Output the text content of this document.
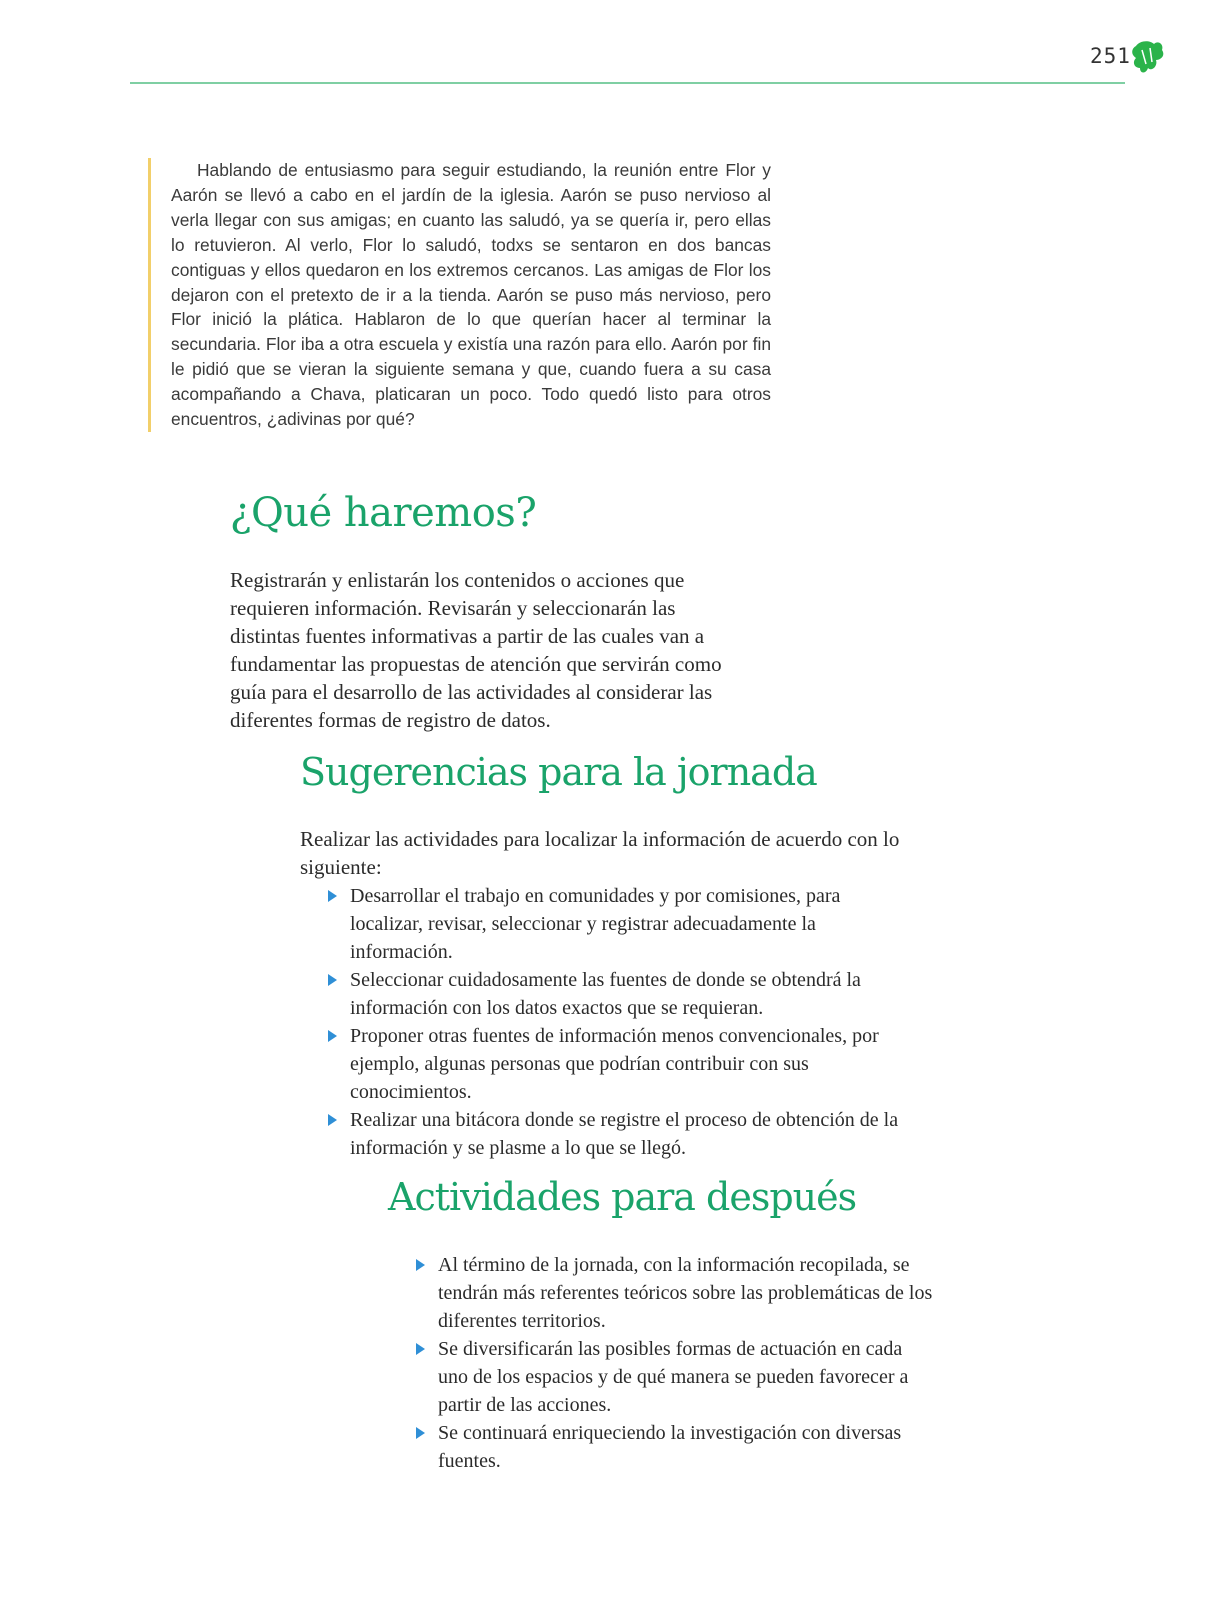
251
Hablando de entusiasmo para seguir estudiando, la reunión entre Flor y Aarón se llevó a cabo en el jardín de la iglesia. Aarón se puso nervioso al verla llegar con sus amigas; en cuanto las saludó, ya se quería ir, pero ellas lo retuvieron. Al verlo, Flor lo saludó, todxs se sentaron en dos bancas contiguas y ellos quedaron en los extremos cercanos. Las amigas de Flor los dejaron con el pretexto de ir a la tienda. Aarón se puso más nervioso, pero Flor inició la plática. Hablaron de lo que querían hacer al terminar la secundaria. Flor iba a otra escuela y existía una razón para ello. Aarón por fin le pidió que se vieran la siguiente semana y que, cuando fuera a su casa acompañando a Chava, platicaran un poco. Todo quedó listo para otros encuentros, ¿adivinas por qué?
¿Qué haremos?

Registrarán y enlistarán los contenidos o acciones que requieren información. Revisarán y seleccionarán las distintas fuentes informativas a partir de las cuales van a fundamentar las propuestas de atención que servirán como guía para el desarrollo de las actividades al considerar las diferentes formas de registro de datos.

Sugerencias para la jornada

Realizar las actividades para localizar la información de acuerdo con lo siguiente:

Desarrollar el trabajo en comunidades y por comisiones, para localizar, revisar, seleccionar y registrar adecuadamente la información.
Seleccionar cuidadosamente las fuentes de donde se obtendrá la información con los datos exactos que se requieran.
Proponer otras fuentes de información menos convencionales, por ejemplo, algunas personas que podrían contribuir con sus conocimientos.
Realizar una bitácora donde se registre el proceso de obtención de la información y se plasme a lo que se llegó.
Actividades para después
Al término de la jornada, con la información recopilada, se tendrán más referentes teóricos sobre las problemáticas de los diferentes territorios.
Se diversificarán las posibles formas de actuación en cada uno de los espacios y de qué manera se pueden favorecer a partir de las acciones.
Se continuará enriqueciendo la investigación con diversas fuentes.
